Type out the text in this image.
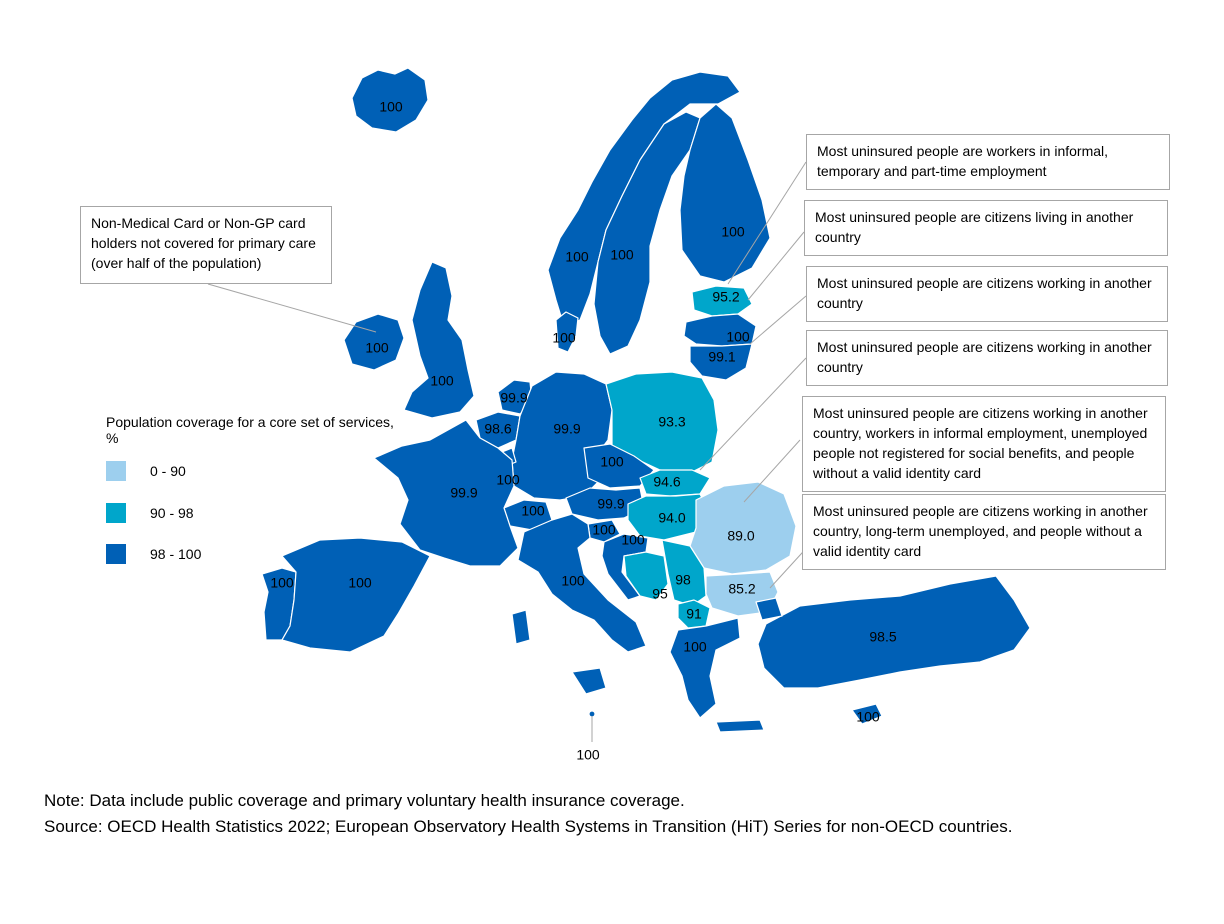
100
100 100
100
100
95.2
100
99.1
100
100
99.9
98.6
100
99.9	93.3
100
94.6
99.9
100
100
100
94.0
89.0
98
95	85.2
91
99.9
100	100	100
100
98.5
100
100
Non-Medical Card or Non-GP card holders not covered for primary care (over half of the population)
Most uninsured people are workers in informal, temporary and part-time employment
Most uninsured people are citizens living in another country
Most uninsured people are citizens working in another country
Most uninsured people are citizens working in another country
Most uninsured people are citizens working in another country, workers in informal employment, unemployed people not registered for social benefits, and people without a valid identity card
Most uninsured people are citizens working in another country, long-term unemployed, and people without a valid identity card
Population coverage for a core set of services, %
0 - 90
90 - 98
98 - 100
Note: Data include public coverage and primary voluntary health insurance coverage.
Source: OECD Health Statistics 2022; European Observatory Health Systems in Transition (HiT) Series for non-OECD countries.
